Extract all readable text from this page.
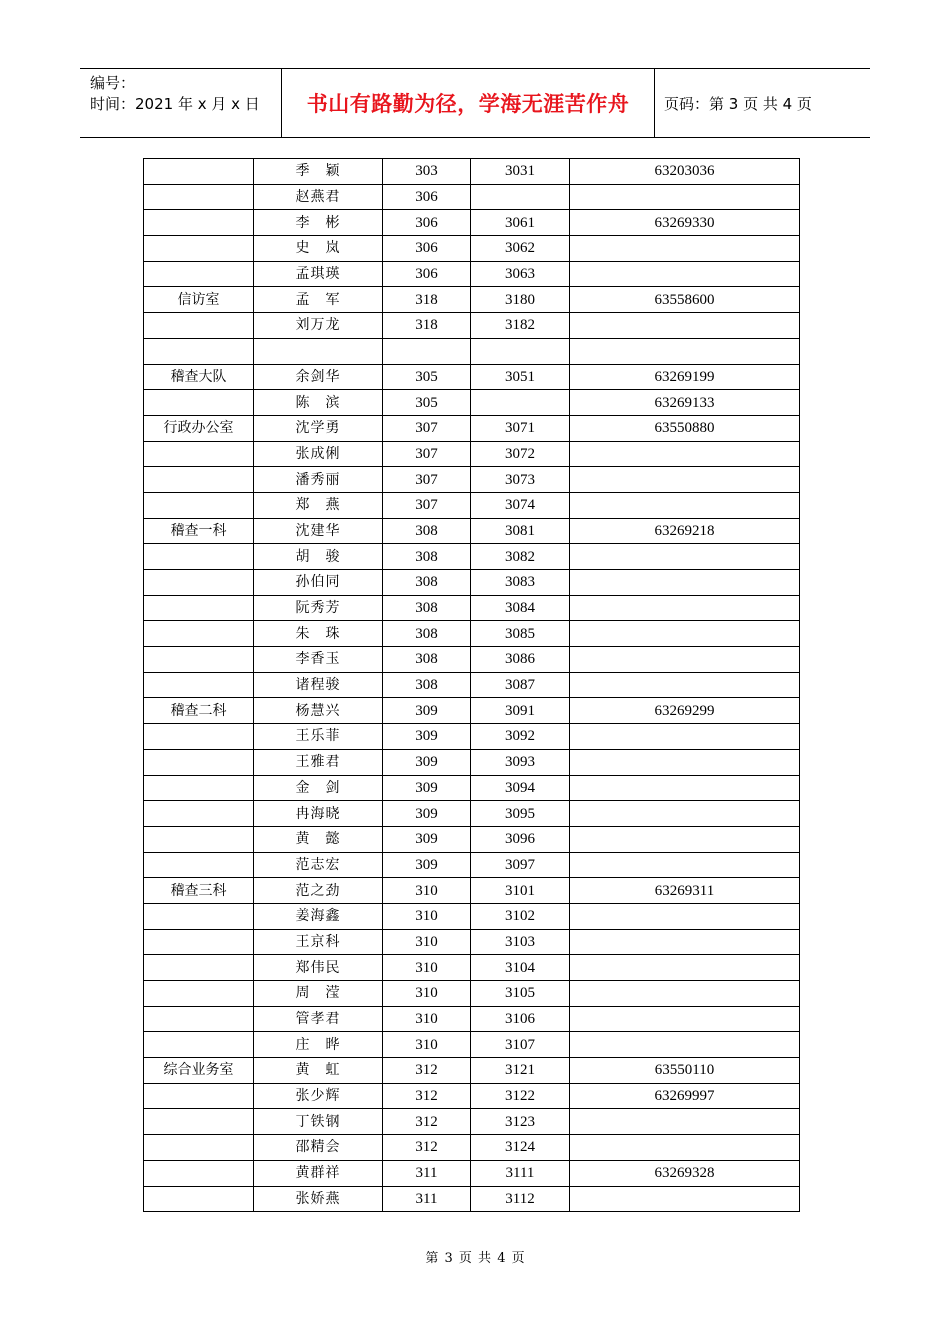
编号：
时间：2021 年 x 月 x 日	书山有路勤为径，学海无涯苦作舟	页码：第 3 页 共 4 页
	季　颖	303	3031	63203036
	赵燕君	306		
	李　彬	306	3061	63269330
	史　岚	306	3062	
	孟琪瑛	306	3063	
信访室	孟　军	318	3180	63558600
	刘万龙	318	3182	

稽查大队	余剑华	305	3051	63269199
	陈　滨	305		63269133
行政办公室	沈学勇	307	3071	63550880
	张成俐	307	3072	
	潘秀丽	307	3073	
	郑　燕	307	3074	
稽查一科	沈建华	308	3081	63269218
	胡　骏	308	3082	
	孙伯同	308	3083	
	阮秀芳	308	3084	
	朱　珠	308	3085	
	李香玉	308	3086	
	诸程骏	308	3087	
稽查二科	杨慧兴	309	3091	63269299
	王乐菲	309	3092	
	王雅君	309	3093	
	金　剑	309	3094	
	冉海晓	309	3095	
	黄　懿	309	3096	
	范志宏	309	3097	
稽查三科	范之劲	310	3101	63269311
	姜海鑫	310	3102	
	王京科	310	3103	
	郑伟民	310	3104	
	周　滢	310	3105	
	管孝君	310	3106	
	庄　晔	310	3107	
综合业务室	黄　虹	312	3121	63550110
	张少辉	312	3122	63269997
	丁铁钢	312	3123	
	邵精会	312	3124	
	黄群祥	311	3111	63269328
	张娇燕	311	3112	
第 3 页 共 4 页
